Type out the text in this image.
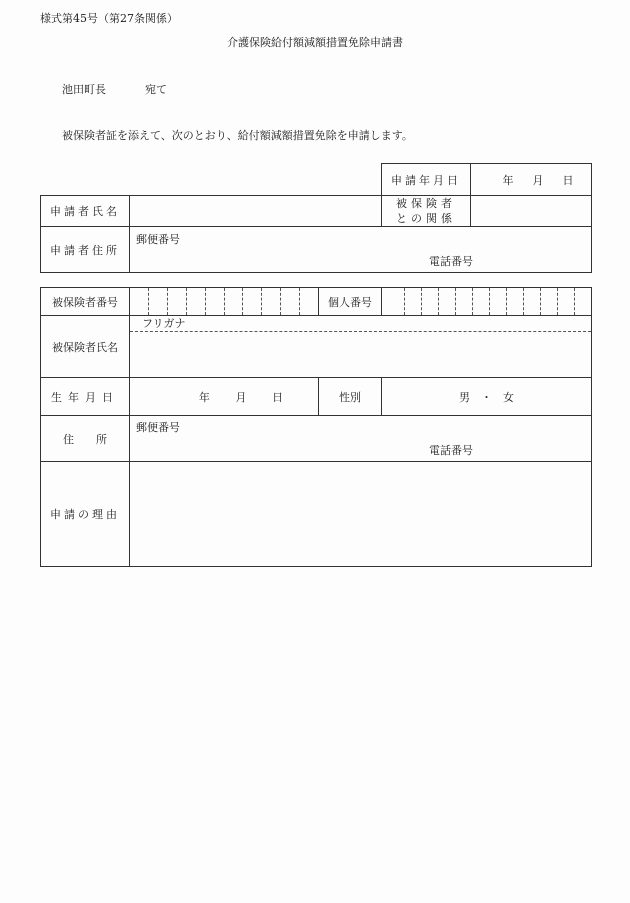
様式第45号（第27条関係）
介護保険給付額減額措置免除申請書
池田町長	宛て
被保険者証を添えて、次のとおり、給付額減額措置免除を申請します。
		申請年月日	年 月 日

申請者氏名		被保険者
との関係	

申請者住所	郵便番号
電話番号		
被保険者番号		個人番号	

被保険者氏名	フリガナ		

生年月日	年 月 日	性別	男　・　女
住　　所	郵便番号
電話番号		

申請の理由			
